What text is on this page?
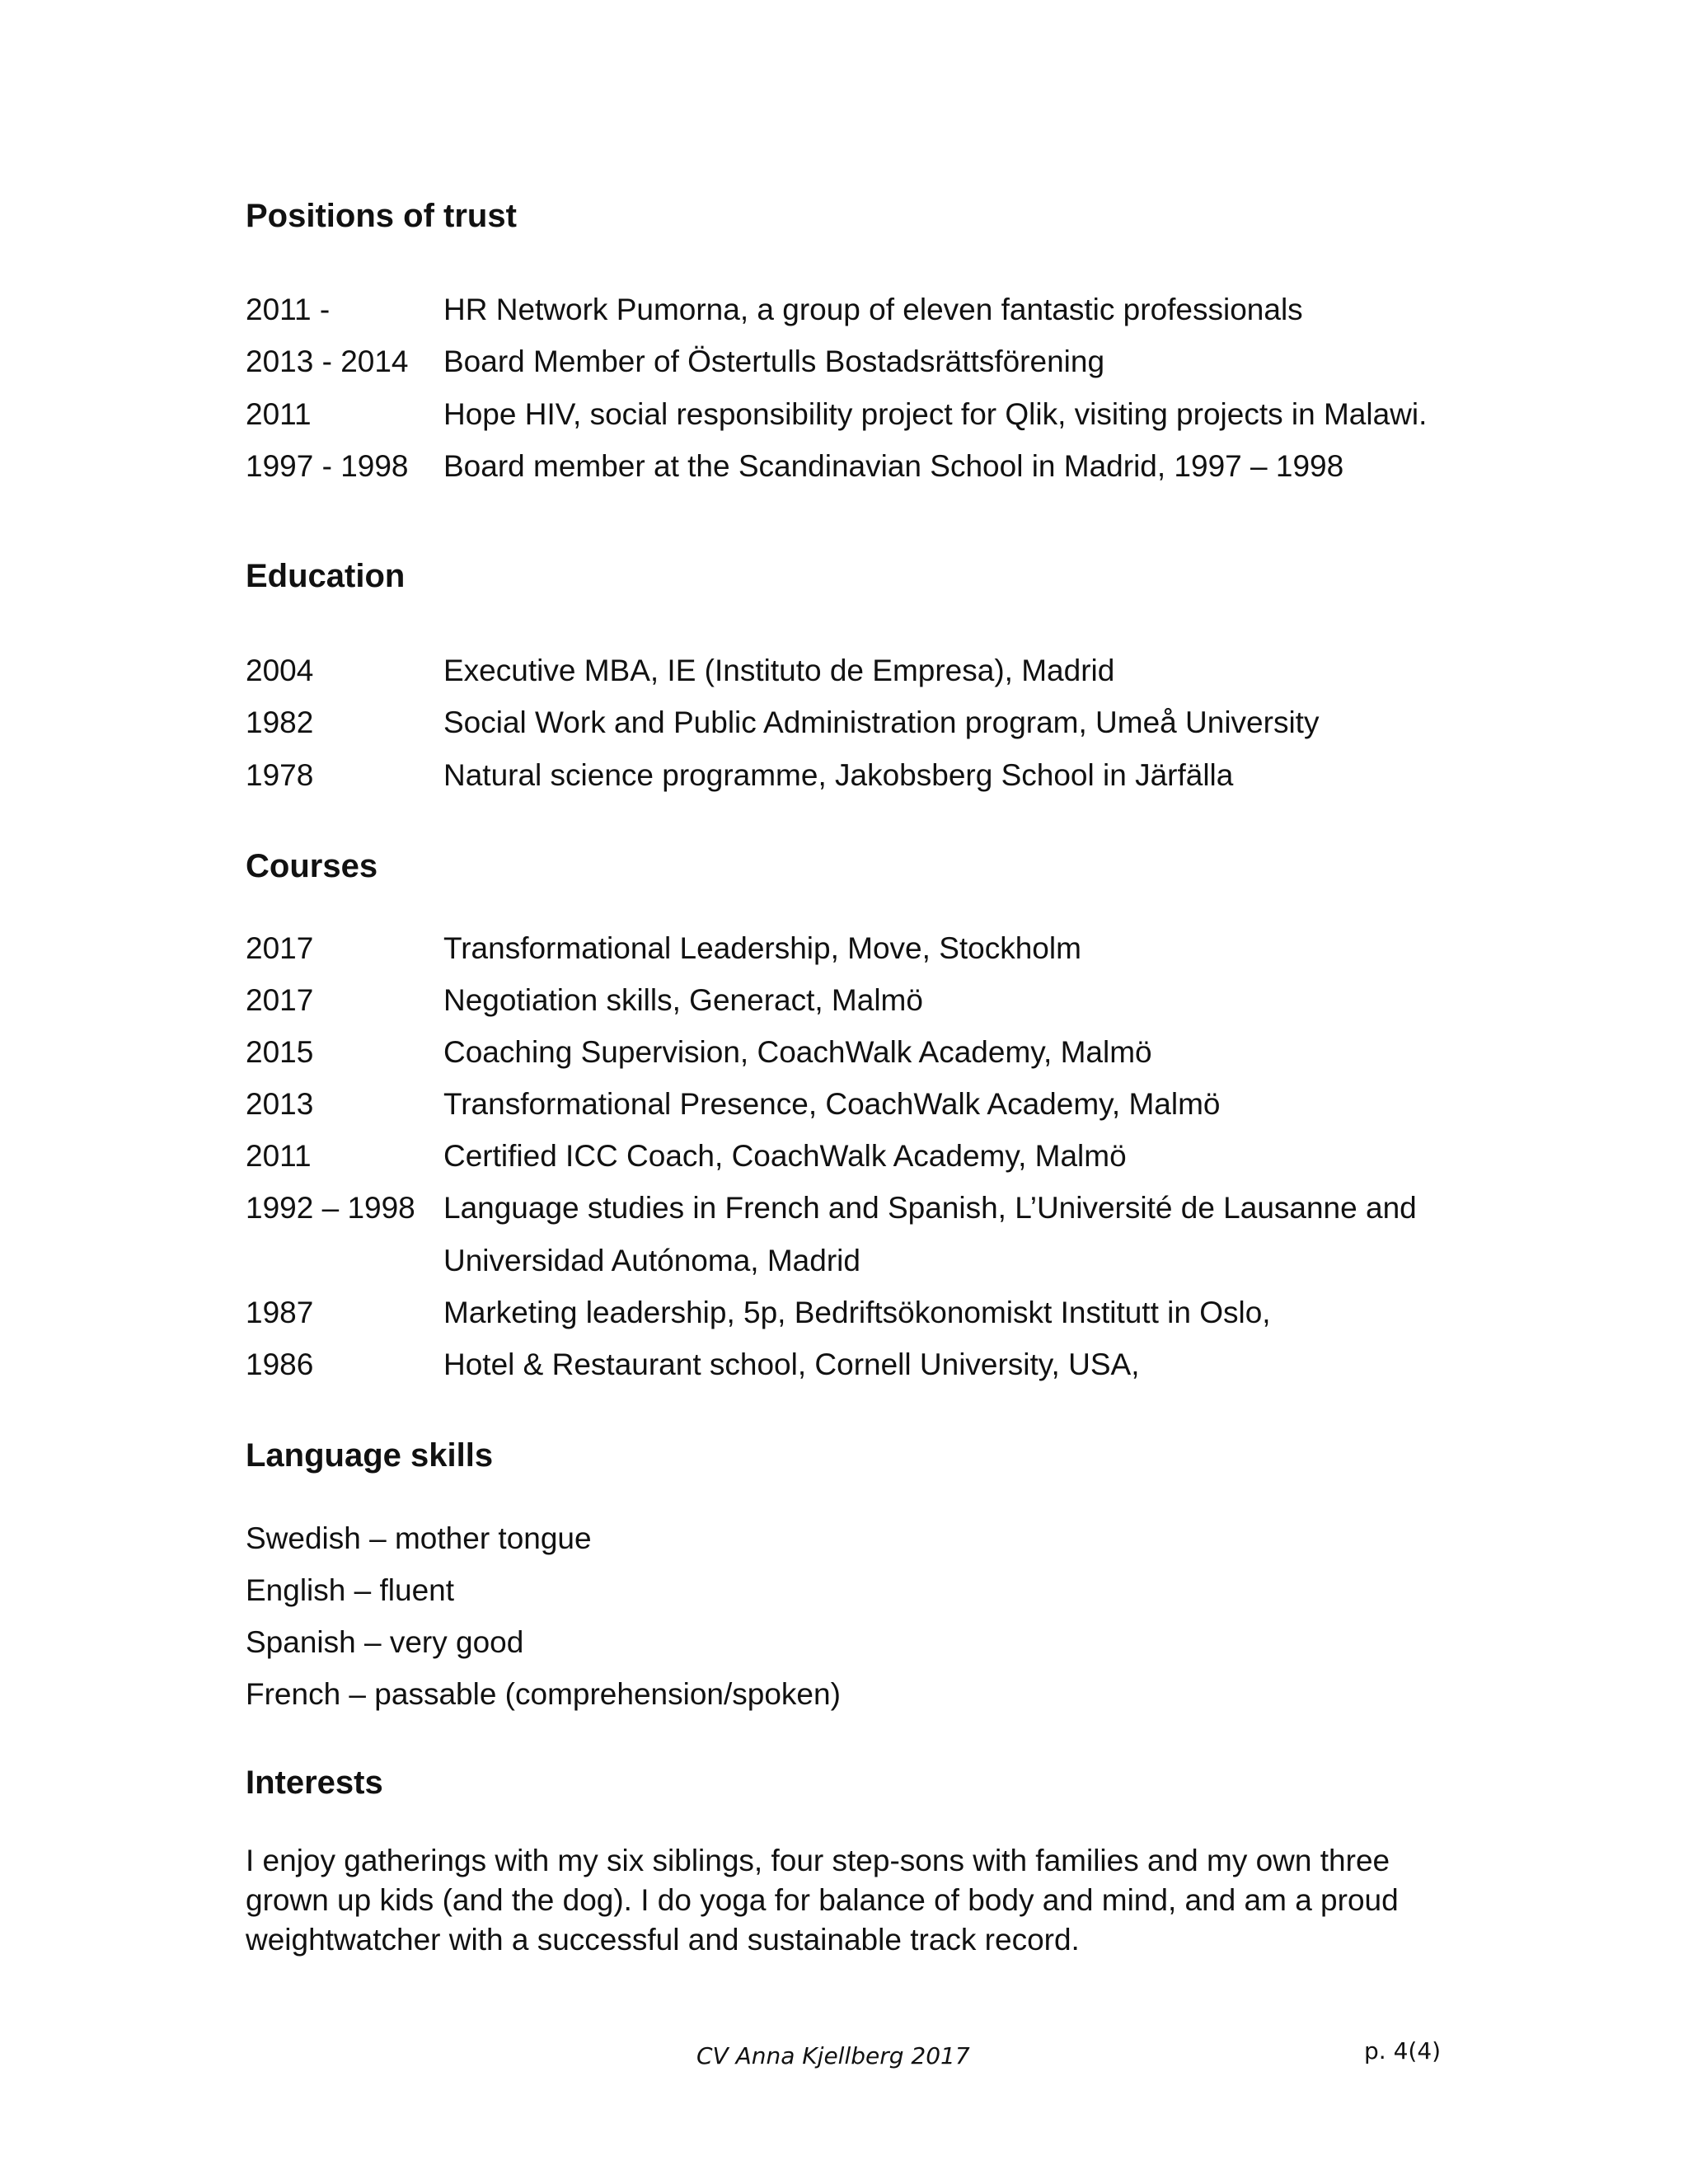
Positions of trust
2011 -	HR Network Pumorna, a group of eleven fantastic professionals
2013 - 2014 Board Member of Östertulls Bostadsrättsförening
2011	Hope HIV, social responsibility project for Qlik, visiting projects in Malawi.
1997 - 1998 Board member at the Scandinavian School in Madrid, 1997 – 1998
Education
2004	Executive MBA, IE (Instituto de Empresa), Madrid
1982	Social Work and Public Administration program, Umeå University
1978	Natural science programme, Jakobsberg School in Järfälla
Courses
2017	Transformational Leadership, Move, Stockholm
2017	Negotiation skills, Generact, Malmö
2015	Coaching Supervision, CoachWalk Academy, Malmö
2013	Transformational Presence, CoachWalk Academy, Malmö
2011	Certified ICC Coach, CoachWalk Academy, Malmö
1992 – 1998 Language studies in French and Spanish, L’Université de Lausanne and
Universidad Autónoma, Madrid
1987	Marketing leadership, 5p, Bedriftsökonomiskt Institutt in Oslo,
1986	Hotel & Restaurant school, Cornell University, USA,
Language skills
Swedish – mother tongue
English – fluent
Spanish – very good
French – passable (comprehension/spoken)
Interests

I enjoy gatherings with my six siblings, four step-sons with families and my own three grown up kids (and the dog). I do yoga for balance of body and mind, and am a proud weightwatcher with a successful and sustainable track record.

CV Anna Kjellberg 2017	p. 4(4)
